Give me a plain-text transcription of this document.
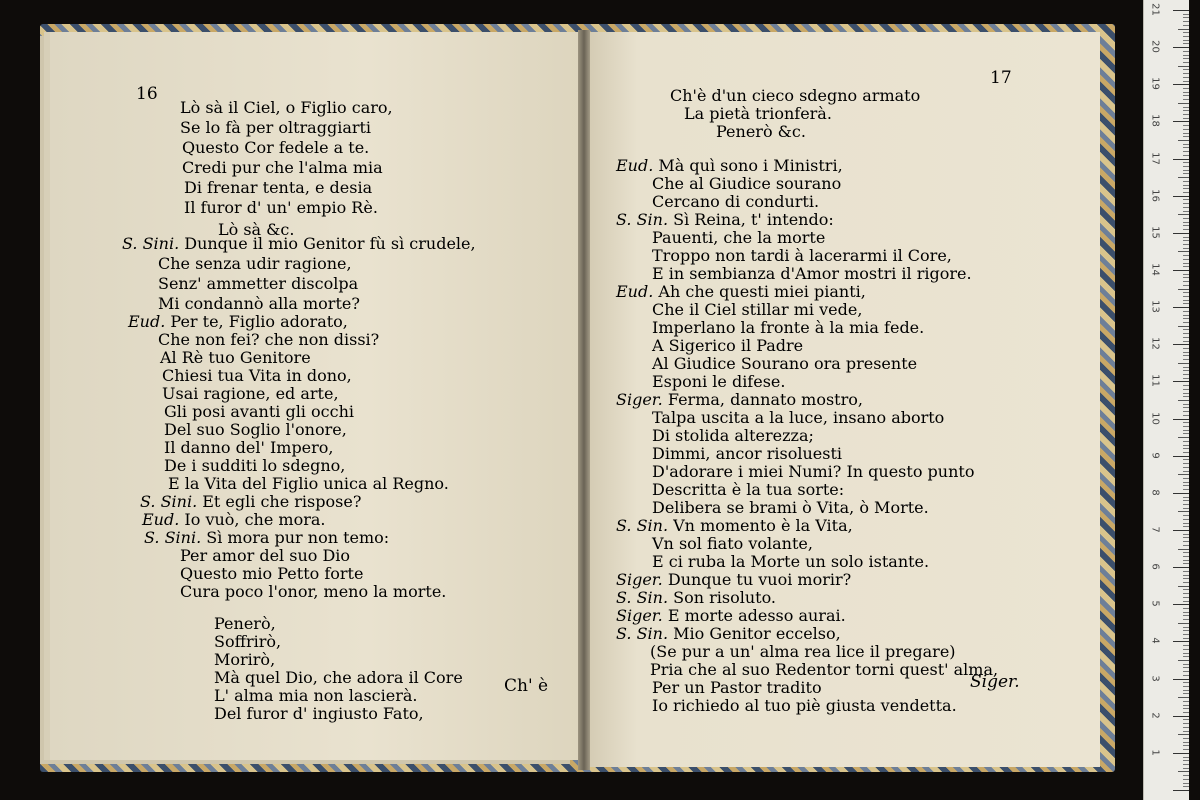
Lò sà il Ciel, o Figlio caro,
Se lo fà per oltraggiarti
Questo Cor fedele a te.
Credi pur che l'alma mia
Di frenar tenta, e desia
Il furor d' un' empio Rè.
Lò sà &c.
S. Sini. Dunque il mio Genitor fù sì crudele,
Che senza udir ragione,
Senz' ammetter discolpa
Mi condannò alla morte?
Eud. Per te, Figlio adorato,
Che non fei? che non dissi?
Al Rè tuo Genitore
Chiesi tua Vita in dono,
Usai ragione, ed arte,
Gli posi avanti gli occhi
Del suo Soglio l'onore,
Il danno del' Impero,
De i sudditi lo sdegno,
E la Vita del Figlio unica al Regno.
S. Sini. Et egli che rispose?
Eud. Io vuò, che mora.
S. Sini. Sì mora pur non temo:
Per amor del suo Dio
Questo mio Petto forte
Cura poco l'onor, meno la morte.
Penerò,
Soffrirò,
Morirò,
Mà quel Dio, che adora il Core
L' alma mia non lascierà.
Del furor d' ingiusto Fato,
Ch'è d'un cieco sdegno armato
La pietà trionferà.
Penerò &c.
Eud. Mà quì sono i Ministri,
Che al Giudice sourano
Cercano di condurti.
S. Sin. Sì Reina, t' intendo:
Pauenti, che la morte
Troppo non tardi à lacerarmi il Core,
E in sembianza d'Amor mostri il rigore.
Eud. Ah che questi miei pianti,
Che il Ciel stillar mi vede,
Imperlano la fronte à la mia fede.
A Sigerico il Padre
Al Giudice Sourano ora presente
Esponi le difese.
Siger. Ferma, dannato mostro,
Talpa uscita a la luce, insano aborto
Di stolida alterezza;
Dimmi, ancor risoluesti
D'adorare i miei Numi? In questo punto
Descritta è la tua sorte:
Delibera se brami ò Vita, ò Morte.
S. Sin. Vn momento è la Vita,
Vn sol fiato volante,
E ci ruba la Morte un solo istante.
Siger. Dunque tu vuoi morir?
S. Sin. Son risoluto.
Siger. E morte adesso aurai.
S. Sin. Mio Genitor eccelso,
(Se pur a un' alma rea lice il pregare)
Pria che al suo Redentor torni quest' alma,
Per un Pastor tradito
Io richiedo al tuo piè giusta vendetta.
16
17
Ch' è	Siger.
1
2
3
4
5
6
7
8
9
10
11
12
13
14
15
16
17
18
19
20
21
